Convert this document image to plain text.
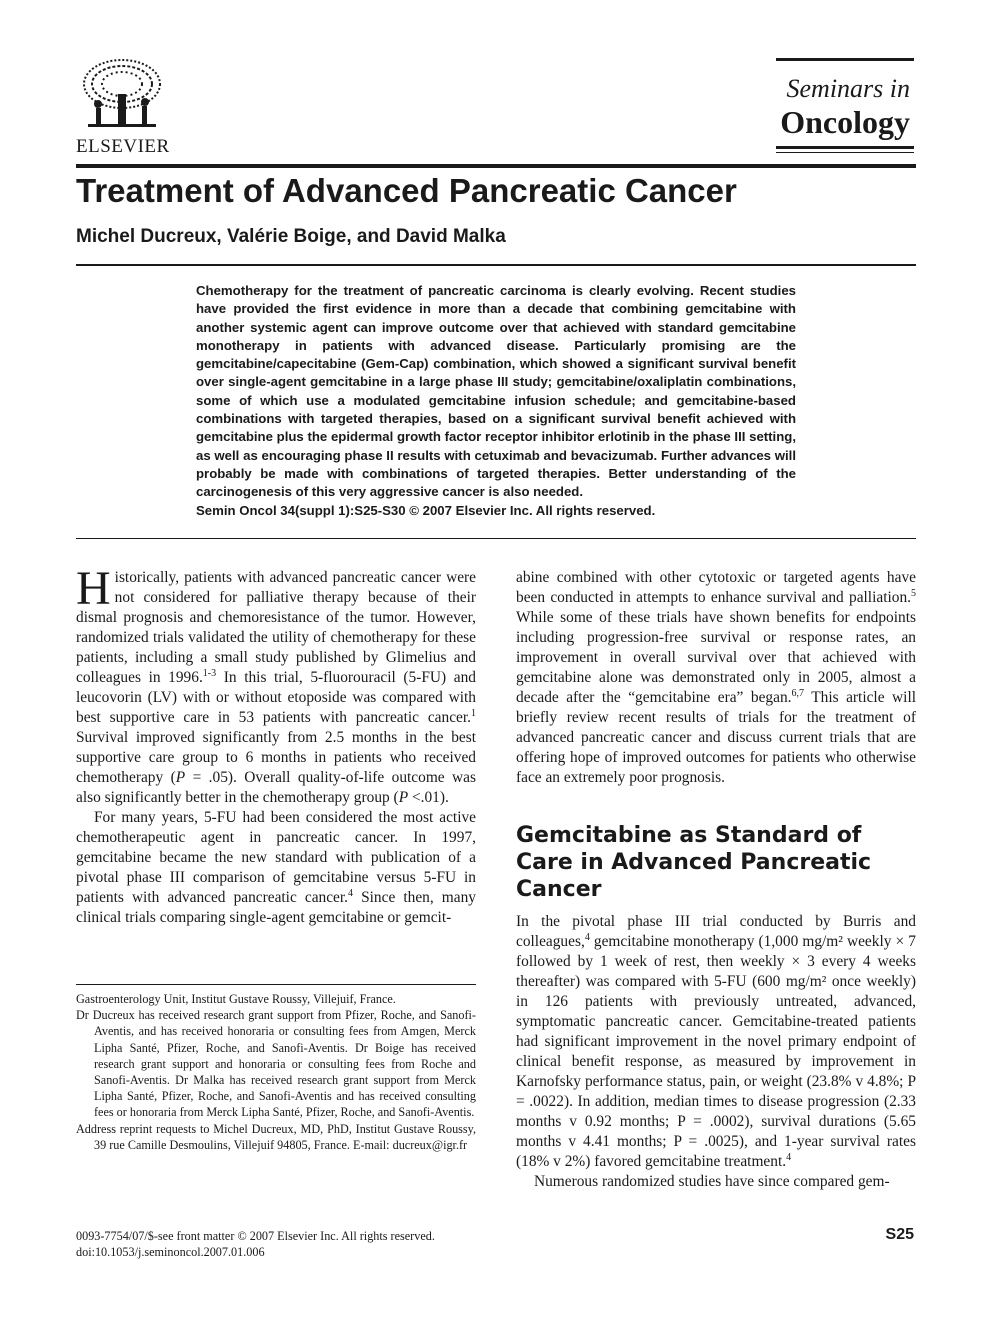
ELSEVIER
Seminars in
Oncology
Treatment of Advanced Pancreatic Cancer
Michel Ducreux, Valérie Boige, and David Malka
Chemotherapy for the treatment of pancreatic carcinoma is clearly evolving. Recent studies have provided the first evidence in more than a decade that combining gemcitabine with another systemic agent can improve outcome over that achieved with standard gemcitabine monotherapy in patients with advanced disease. Particularly promising are the gemcitabine/capecitabine (Gem-Cap) combination, which showed a significant survival benefit over single-agent gemcitabine in a large phase III study; gemcitabine/oxaliplatin combinations, some of which use a modulated gemcitabine infusion schedule; and gemcitabine-based combinations with targeted therapies, based on a significant survival benefit achieved with gemcitabine plus the epidermal growth factor receptor inhibitor erlotinib in the phase III setting, as well as encouraging phase II results with cetuximab and bevacizumab. Further advances will probably be made with combinations of targeted therapies. Better understanding of the carcinogenesis of this very aggressive cancer is also needed.
Semin Oncol 34(suppl 1):S25-S30 © 2007 Elsevier Inc. All rights reserved.

Historically, patients with advanced pancreatic cancer were not considered for palliative therapy because of their dismal prognosis and chemoresistance of the tumor. However, randomized trials validated the utility of chemotherapy for these patients, including a small study published by Glimelius and colleagues in 1996.$^{1-3}$ In this trial, 5-fluorouracil (5-FU) and leucovorin (LV) with or without etoposide was compared with best supportive care in 53 patients with pancreatic cancer.$^1$ Survival improved significantly from 2.5 months in the best supportive care group to 6 months in patients who received chemotherapy (P = .05). Overall quality-of-life outcome was also significantly better in the chemotherapy group (P <.01).

For many years, 5-FU had been considered the most active chemotherapeutic agent in pancreatic cancer. In 1997, gemcitabine became the new standard with publication of a pivotal phase III comparison of gemcitabine versus 5-FU in patients with advanced pancreatic cancer.$^4$ Since then, many clinical trials comparing single-agent gemcitabine or gemcit-

abine combined with other cytotoxic or targeted agents have been conducted in attempts to enhance survival and palliation.$^5$ While some of these trials have shown benefits for endpoints including progression-free survival or response rates, an improvement in overall survival over that achieved with gemcitabine alone was demonstrated only in 2005, almost a decade after the “gemcitabine era” began.$^{6,7}$ This article will briefly review recent results of trials for the treatment of advanced pancreatic cancer and discuss current trials that are offering hope of improved outcomes for patients who otherwise face an extremely poor prognosis.

Gemcitabine as Standard of Care in Advanced Pancreatic Cancer

In the pivotal phase III trial conducted by Burris and colleagues,$^4$ gemcitabine monotherapy (1,000 mg/m² weekly × 7 followed by 1 week of rest, then weekly × 3 every 4 weeks thereafter) was compared with 5-FU (600 mg/m² once weekly) in 126 patients with previously untreated, advanced, symptomatic pancreatic cancer. Gemcitabine-treated patients had significant improvement in the novel primary endpoint of clinical benefit response, as measured by improvement in Karnofsky performance status, pain, or weight (23.8% v 4.8%; P = .0022). In addition, median times to disease progression (2.33 months v 0.92 months; P = .0002), survival durations (5.65 months v 4.41 months; P = .0025), and 1-year survival rates (18% v 2%) favored gemcitabine treatment.$^4$

Numerous randomized studies have since compared gem-

Gastroenterology Unit, Institut Gustave Roussy, Villejuif, France.

Dr Ducreux has received research grant support from Pfizer, Roche, and Sanofi-Aventis, and has received honoraria or consulting fees from Amgen, Merck Lipha Santé, Pfizer, Roche, and Sanofi-Aventis. Dr Boige has received research grant support and honoraria or consulting fees from Roche and Sanofi-Aventis. Dr Malka has received research grant support from Merck Lipha Santé, Pfizer, Roche, and Sanofi-Aventis and has received consulting fees or honoraria from Merck Lipha Santé, Pfizer, Roche, and Sanofi-Aventis.

Address reprint requests to Michel Ducreux, MD, PhD, Institut Gustave Roussy, 39 rue Camille Desmoulins, Villejuif 94805, France. E-mail: ducreux@igr.fr

0093-7754/07/$-see front matter © 2007 Elsevier Inc. All rights reserved.
doi:10.1053/j.seminoncol.2007.01.006
S25
